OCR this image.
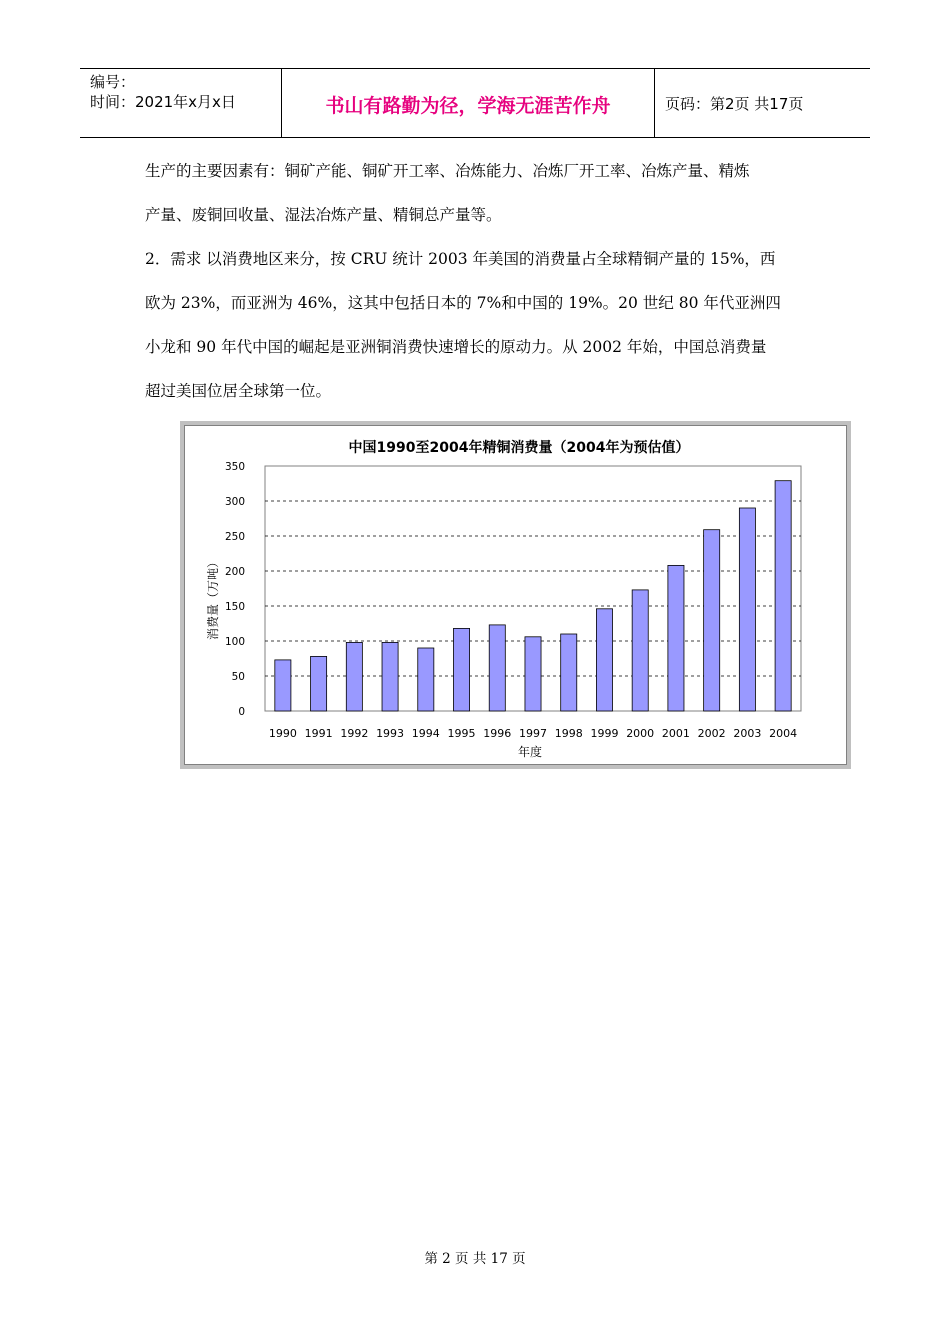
编号：
时间：2021年x月x日	书山有路勤为径，学海无涯苦作舟	页码：第2页 共17页
生产的主要因素有：铜矿产能、铜矿开工率、冶炼能力、冶炼厂开工率、冶炼产量、精炼
产量、废铜回收量、湿法冶炼产量、精铜总产量等。
2．需求 以消费地区来分，按 CRU 统计 2003 年美国的消费量占全球精铜产量的 15%，西
欧为 23%，而亚洲为 46%，这其中包括日本的 7%和中国的 19%。20 世纪 80 年代亚洲四
小龙和 90 年代中国的崛起是亚洲铜消费快速增长的原动力。从 2002 年始，中国总消费量
超过美国位居全球第一位。
中国1990至2004年精铜消费量（2004年为预估值）
0
50
100
150
200
250
300
350
1990 1991 1992 1993 1994 1995 1996 1997 1998 1999 2000 2001 2002 2003 2004
年度
消费量（万吨）
第 2 页 共 17 页
